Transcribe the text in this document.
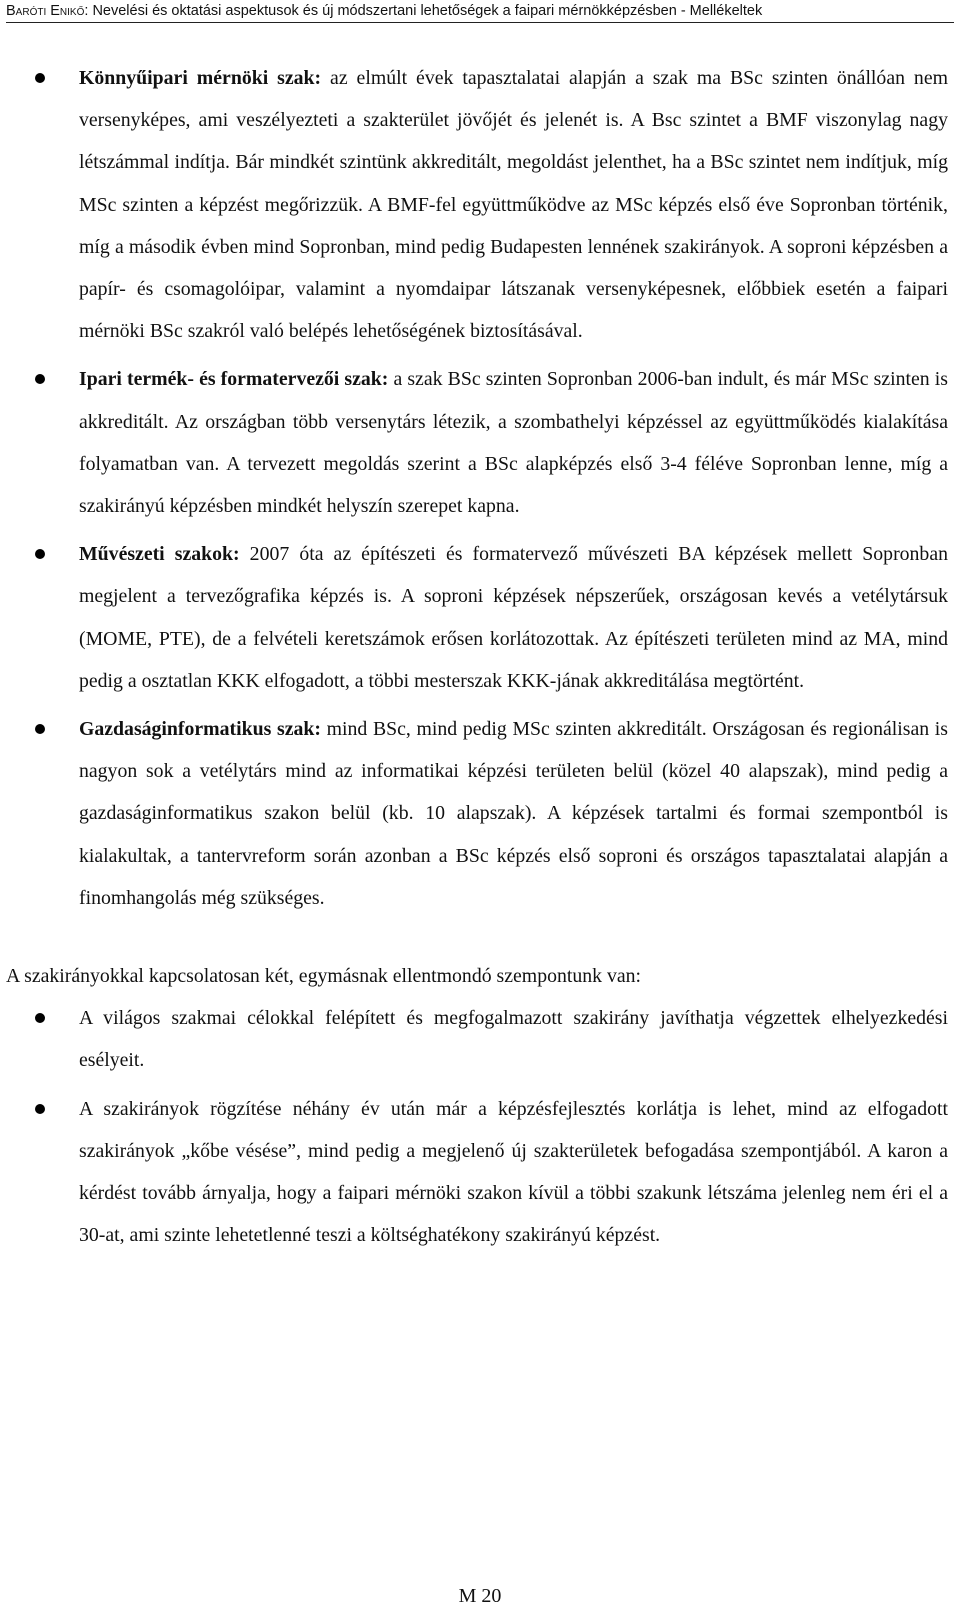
Baróti Enikő: Nevelési és oktatási aspektusok és új módszertani lehetőségek a faipari mérnökképzésben - Mellékeltek
Könnyűipari mérnöki szak: az elmúlt évek tapasztalatai alapján a szak ma BSc szinten önállóan nem versenyképes, ami veszélyezteti a szakterület jövőjét és jelenét is. A Bsc szintet a BMF viszonylag nagy létszámmal indítja. Bár mindkét szintünk akkreditált, megoldást jelenthet, ha a BSc szintet nem indítjuk, míg MSc szinten a képzést megőrizzük. A BMF-fel együttműködve az MSc képzés első éve Sopronban történik, míg a második évben mind Sopronban, mind pedig Budapesten lennének szakirányok. A soproni képzésben a papír- és csomagolóipar, valamint a nyomdaipar látszanak versenyképesnek, előbbiek esetén a faipari mérnöki BSc szakról való belépés lehetőségének biztosításával.
Ipari termék- és formatervezői szak: a szak BSc szinten Sopronban 2006-ban indult, és már MSc szinten is akkreditált. Az országban több versenytárs létezik, a szombathelyi képzéssel az együttműködés kialakítása folyamatban van. A tervezett megoldás szerint a BSc alapképzés első 3-4 féléve Sopronban lenne, míg a szakirányú képzésben mindkét helyszín szerepet kapna.
Művészeti szakok: 2007 óta az építészeti és formatervező művészeti BA képzések mellett Sopronban megjelent a tervezőgrafika képzés is. A soproni képzések népszerűek, országosan kevés a vetélytársuk (MOME, PTE), de a felvételi keretszámok erősen korlátozottak. Az építészeti területen mind az MA, mind pedig a osztatlan KKK elfogadott, a többi mesterszak KKK-jának akkreditálása megtörtént.
Gazdaságinformatikus szak: mind BSc, mind pedig MSc szinten akkreditált. Országosan és regionálisan is nagyon sok a vetélytárs mind az informatikai képzési területen belül (közel 40 alapszak), mind pedig a gazdaságinformatikus szakon belül (kb. 10 alapszak). A képzések tartalmi és formai szempontból is kialakultak, a tantervreform során azonban a BSc képzés első soproni és országos tapasztalatai alapján a finomhangolás még szükséges.

A szakirányokkal kapcsolatosan két, egymásnak ellentmondó szempontunk van:

A világos szakmai célokkal felépített és megfogalmazott szakirány javíthatja végzettek elhelyezkedési esélyeit.
A szakirányok rögzítése néhány év után már a képzésfejlesztés korlátja is lehet, mind az elfogadott szakirányok „kőbe vésése”, mind pedig a megjelenő új szakterületek befogadása szempontjából. A karon a kérdést tovább árnyalja, hogy a faipari mérnöki szakon kívül a többi szakunk létszáma jelenleg nem éri el a 30-at, ami szinte lehetetlenné teszi a költséghatékony szakirányú képzést.
M 20
